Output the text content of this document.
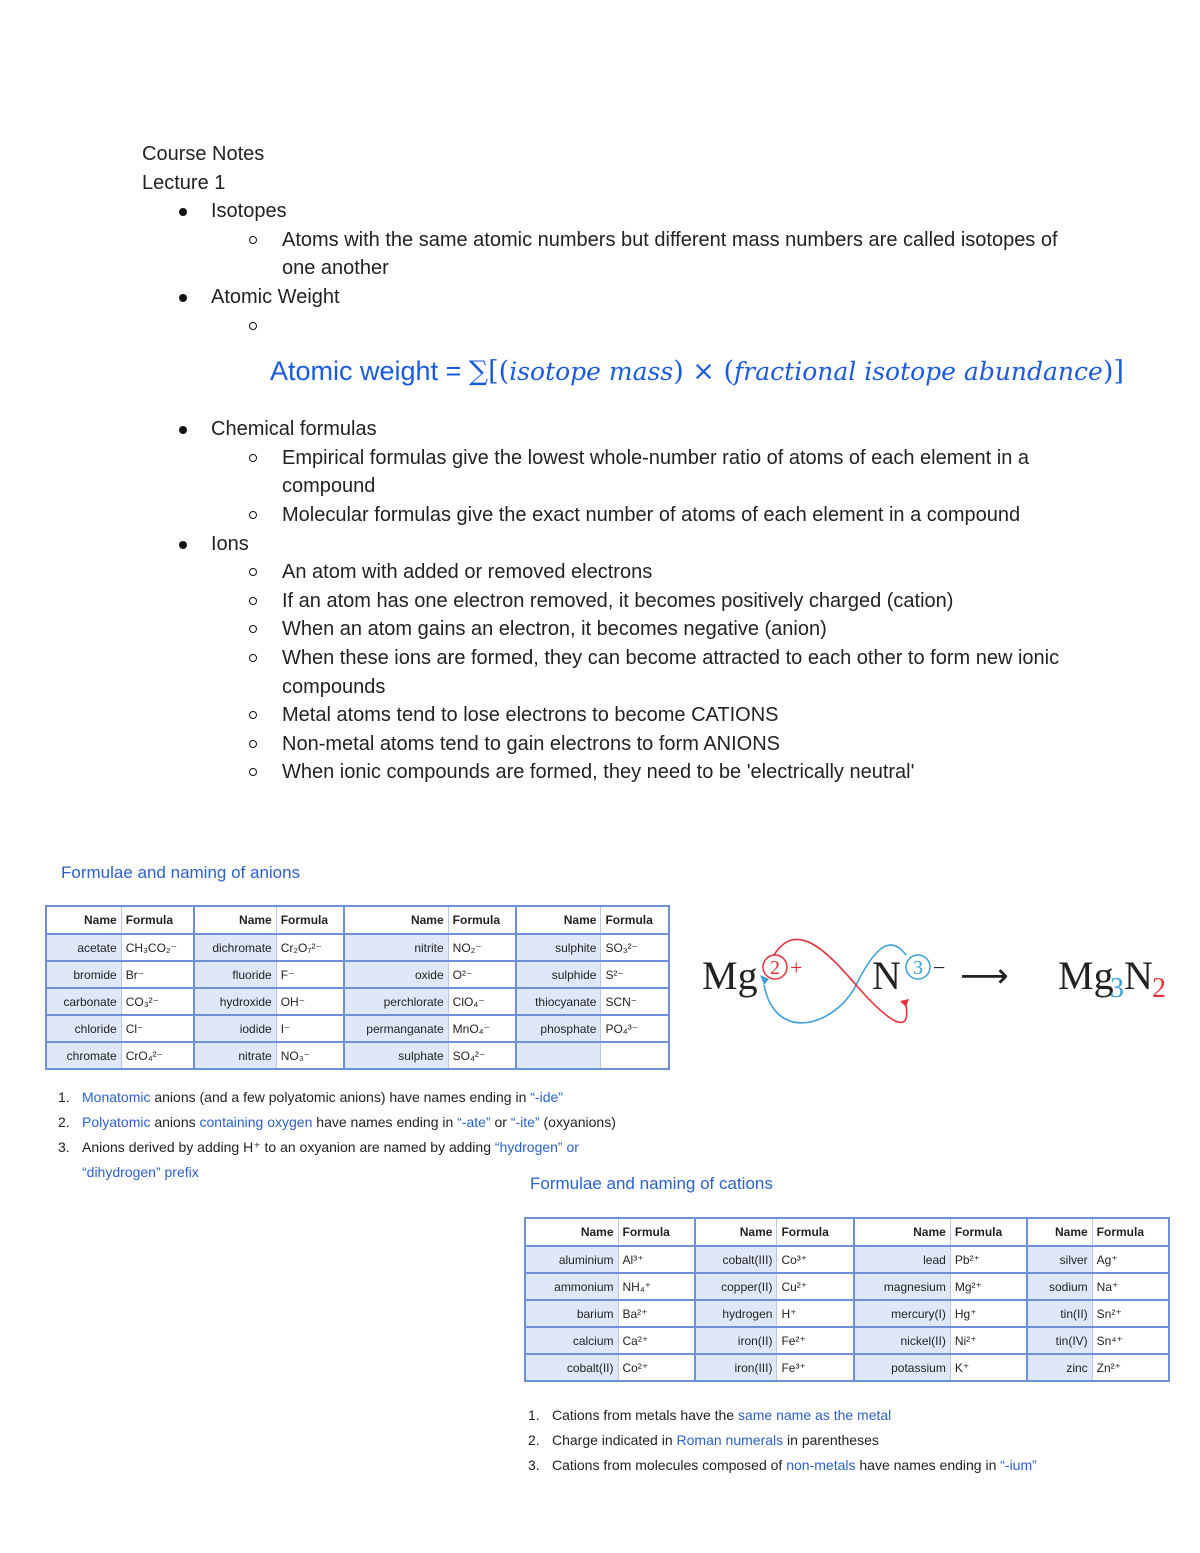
Course Notes
Lecture 1
Isotopes
Atoms with the same atomic numbers but different mass numbers are called isotopes of one another
Atomic Weight
Chemical formulas
Empirical formulas give the lowest whole-number ratio of atoms of each element in a compound
Molecular formulas give the exact number of atoms of each element in a compound
Ions
An atom with added or removed electrons
If an atom has one electron removed, it becomes positively charged (cation)
When an atom gains an electron, it becomes negative (anion)
When these ions are formed, they can become attracted to each other to form new ionic compounds
Metal atoms tend to lose electrons to become CATIONS
Non-metal atoms tend to gain electrons to form ANIONS
When ionic compounds are formed, they need to be 'electrically neutral'
Atomic weight = ∑[(isotope mass) × (fractional isotope abundance)]
Formulae and naming of anions
Name	Formula	Name	Formula	Name	Formula	Name	Formula
acetate	CH₃CO₂⁻	dichromate	Cr₂O₇²⁻	nitrite	NO₂⁻	sulphite	SO₃²⁻
bromide	Br⁻	fluoride	F⁻	oxide	O²⁻	sulphide	S²⁻
carbonate	CO₃²⁻	hydroxide	OH⁻	perchlorate	ClO₄⁻	thiocyanate	SCN⁻
chloride	Cl⁻	iodide	I⁻	permanganate	MnO₄⁻	phosphate	PO₄³⁻
chromate	CrO₄²⁻	nitrate	NO₃⁻	sulphate	SO₄²⁻		
1. Monatomic anions (and a few polyatomic anions) have names ending in “-ide”
2. Polyatomic anions containing oxygen have names ending in “-ate” or “-ite” (oxyanions)
3. Anions derived by adding H⁺ to an oxyanion are named by adding “hydrogen” or “dihydrogen” prefix
Mg 2 + N 3 − ⟶ Mg
3 N 2
Formulae and naming of cations
Name	Formula	Name	Formula	Name	Formula	Name	Formula
aluminium	Al³⁺	cobalt(III)	Co³⁺	lead	Pb²⁺	silver	Ag⁺
ammonium	NH₄⁺	copper(II)	Cu²⁺	magnesium	Mg²⁺	sodium	Na⁺
barium	Ba²⁺	hydrogen	H⁺	mercury(I)	Hg⁺	tin(II)	Sn²⁺
calcium	Ca²⁺	iron(II)	Fe²⁺	nickel(II)	Ni²⁺	tin(IV)	Sn⁴⁺
cobalt(II)	Co²⁺	iron(III)	Fe³⁺	potassium	K⁺	zinc	Zn²⁺
1. Cations from metals have the same name as the metal
2. Charge indicated in Roman numerals in parentheses
3. Cations from molecules composed of non-metals have names ending in “-ium”
